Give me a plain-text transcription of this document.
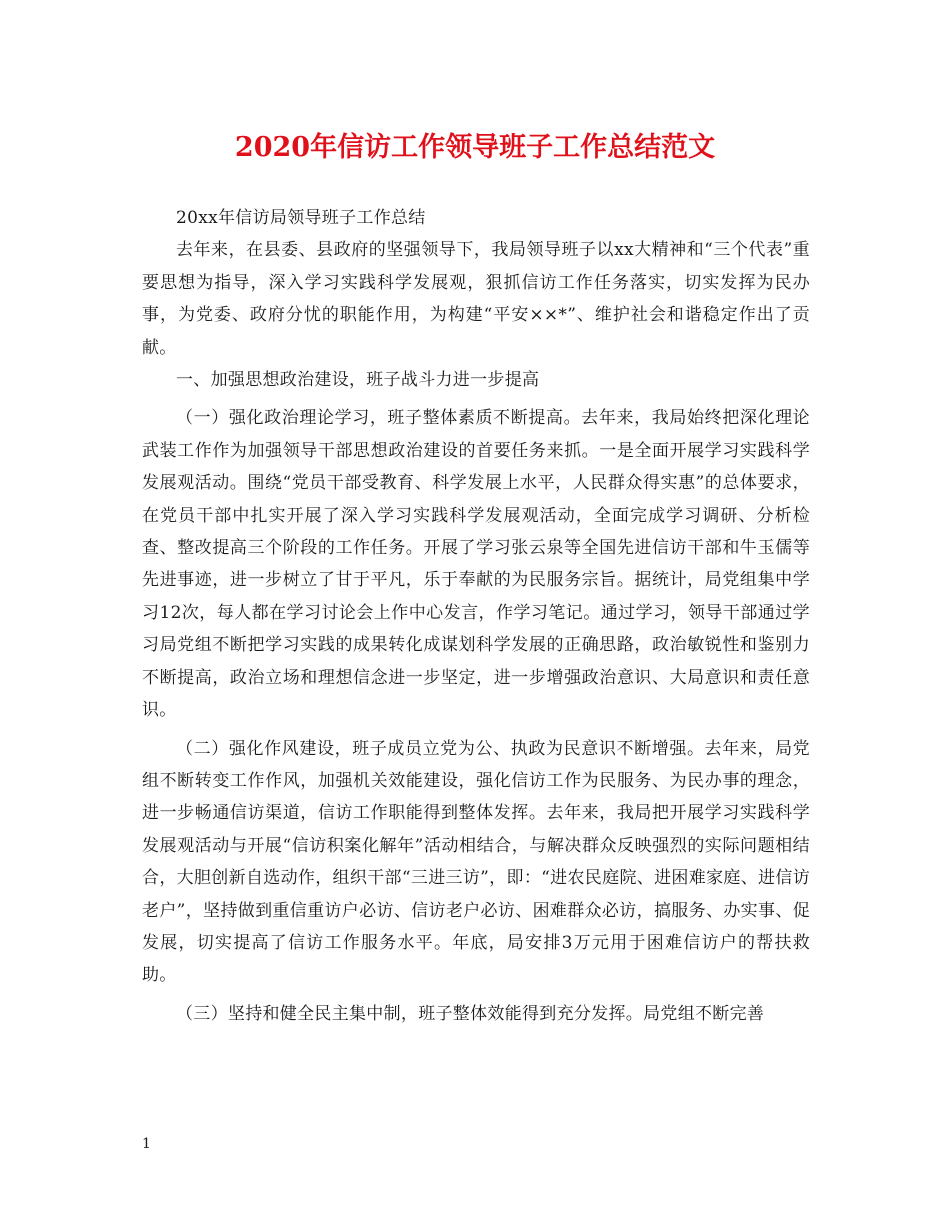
2020年信访工作领导班子工作总结范文

20xx年信访局领导班子工作总结

去年来，在县委、县政府的坚强领导下，我局领导班子以xx大精神和“三个代表”重要思想为指导，深入学习实践科学发展观，狠抓信访工作任务落实，切实发挥为民办事，为党委、政府分忧的职能作用，为构建“平安××*”、维护社会和谐稳定作出了贡献。

一、加强思想政治建设，班子战斗力进一步提高

（一）强化政治理论学习，班子整体素质不断提高。去年来，我局始终把深化理论武装工作作为加强领导干部思想政治建设的首要任务来抓。一是全面开展学习实践科学发展观活动。围绕“党员干部受教育、科学发展上水平，人民群众得实惠”的总体要求，在党员干部中扎实开展了深入学习实践科学发展观活动，全面完成学习调研、分析检查、整改提高三个阶段的工作任务。开展了学习张云泉等全国先进信访干部和牛玉儒等先进事迹，进一步树立了甘于平凡，乐于奉献的为民服务宗旨。据统计，局党组集中学习12次，每人都在学习讨论会上作中心发言，作学习笔记。通过学习，领导干部通过学习局党组不断把学习实践的成果转化成谋划科学发展的正确思路，政治敏锐性和鉴别力不断提高，政治立场和理想信念进一步坚定，进一步增强政治意识、大局意识和责任意识。

（二）强化作风建设，班子成员立党为公、执政为民意识不断增强。去年来，局党组不断转变工作作风，加强机关效能建设，强化信访工作为民服务、为民办事的理念，进一步畅通信访渠道，信访工作职能得到整体发挥。去年来，我局把开展学习实践科学发展观活动与开展“信访积案化解年”活动相结合，与解决群众反映强烈的实际问题相结合，大胆创新自选动作，组织干部“三进三访”，即：“进农民庭院、进困难家庭、进信访老户”，坚持做到重信重访户必访、信访老户必访、困难群众必访，搞服务、办实事、促发展，切实提高了信访工作服务水平。年底，局安排3万元用于困难信访户的帮扶救助。

（三）坚持和健全民主集中制，班子整体效能得到充分发挥。局党组不断完善

1
